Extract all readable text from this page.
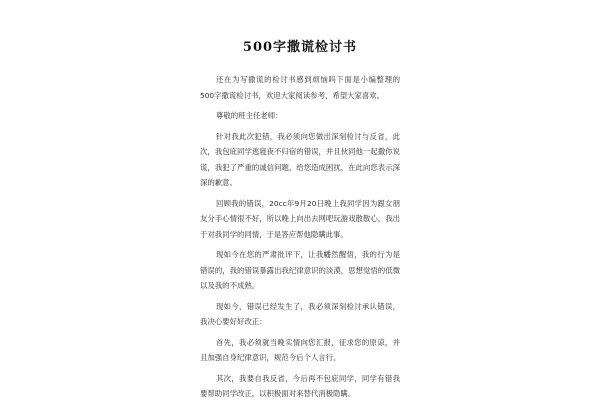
500字撒谎检讨书

还在为写撒谎的检讨书感到烦恼吗下面是小编整理的500字撒谎检讨书，欢迎大家阅读参考，希望大家喜欢。

尊敬的班主任老师：

针对我此次犯错，我必须向您做出深刻检讨与反省，此次，我包庇同学逃寝夜不归宿的错误，并且伙同他一起撒你说谎，我犯了严重的诚信问题，给您造成困扰，在此向您表示深深的歉意。

回顾我的错误，20cc年9月20日晚上我同学因为跟女朋友分手心情很不好，所以晚上向出去网吧玩游戏散散心，我出于对我同学的同情，于是答应帮他隐瞒此事。

现如今在您的严肃批评下，让我幡然醒悟，我的行为是错误的，我的错误暴露出我纪律意识的淡漠，思想觉悟的低微以及我的不成熟。

现如今，错误已经发生了，我必须深刻检讨承认错误，我决心要好好改正：

首先，我必须就当晚实情向您汇报，征求您的原谅，并且加强自身纪律意识，规范今后个人言行。

其次，我要自我反省，今后再不包庇同学，同学有错我要帮助同学改正，以积极面对来替代消极隐瞒。
